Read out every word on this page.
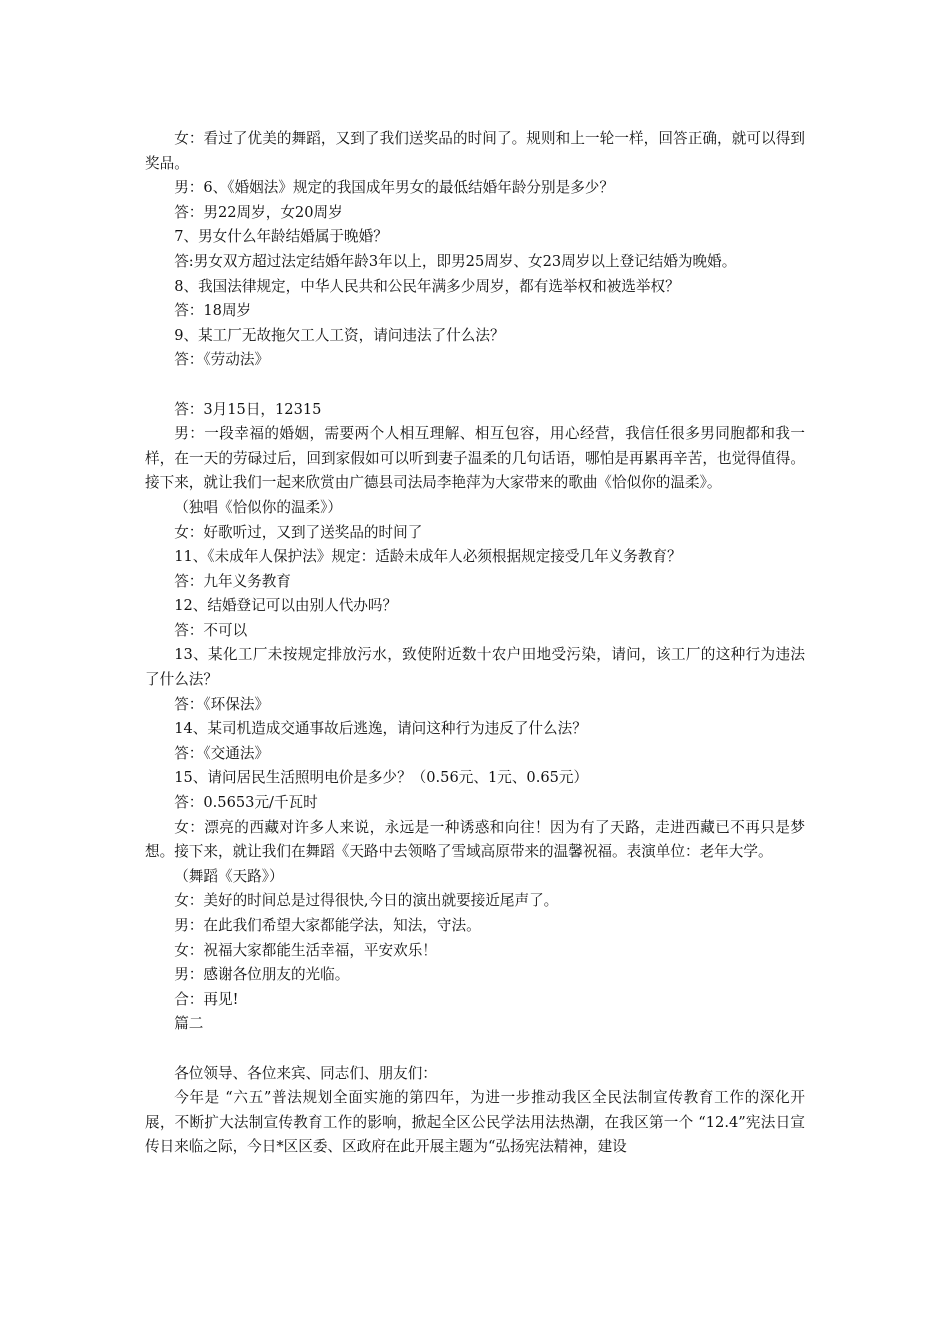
女：看过了优美的舞蹈，又到了我们送奖品的时间了。规则和上一轮一样，回答正确，就可以得到奖品。

男：6、《婚姻法》规定的我国成年男女的最低结婚年龄分别是多少？

答：男22周岁，女20周岁

7、男女什么年龄结婚属于晚婚？

答:男女双方超过法定结婚年龄3年以上，即男25周岁、女23周岁以上登记结婚为晚婚。

8、我国法律规定，中华人民共和公民年满多少周岁，都有选举权和被选举权？

答：18周岁

9、某工厂无故拖欠工人工资，请问违法了什么法？

答：《劳动法》

答：3月15日，12315

男：一段幸福的婚姻，需要两个人相互理解、相互包容，用心经营，我信任很多男同胞都和我一样，在一天的劳碌过后，回到家假如可以听到妻子温柔的几句话语，哪怕是再累再辛苦，也觉得值得。接下来，就让我们一起来欣赏由广德县司法局李艳萍为大家带来的歌曲《恰似你的温柔》。

（独唱《恰似你的温柔》）

女：好歌听过，又到了送奖品的时间了

11、《未成年人保护法》规定：适龄未成年人必须根据规定接受几年义务教育？

答：九年义务教育

12、结婚登记可以由别人代办吗？

答：不可以

13、某化工厂未按规定排放污水，致使附近数十农户田地受污染，请问，该工厂的这种行为违法了什么法？

答：《环保法》

14、某司机造成交通事故后逃逸，请问这种行为违反了什么法？

答：《交通法》

15、请问居民生活照明电价是多少？（0.56元、1元、0.65元）

答：0.5653元/千瓦时

女：漂亮的西藏对许多人来说，永远是一种诱惑和向往！因为有了天路，走进西藏已不再只是梦想。接下来，就让我们在舞蹈《天路中去领略了雪域高原带来的温馨祝福。表演单位：老年大学。

（舞蹈《天路》）

女：美好的时间总是过得很快,今日的演出就要接近尾声了。

男：在此我们希望大家都能学法，知法，守法。

女：祝福大家都能生活幸福，平安欢乐！

男：感谢各位朋友的光临。

合：再见!

篇二

各位领导、各位来宾、同志们、朋友们：

今年是 “六五”普法规划全面实施的第四年，为进一步推动我区全民法制宣传教育工作的深化开展，不断扩大法制宣传教育工作的影响，掀起全区公民学法用法热潮，在我区第一个 “12.4”宪法日宣传日来临之际，今日*区区委、区政府在此开展主题为“弘扬宪法精神，建设
